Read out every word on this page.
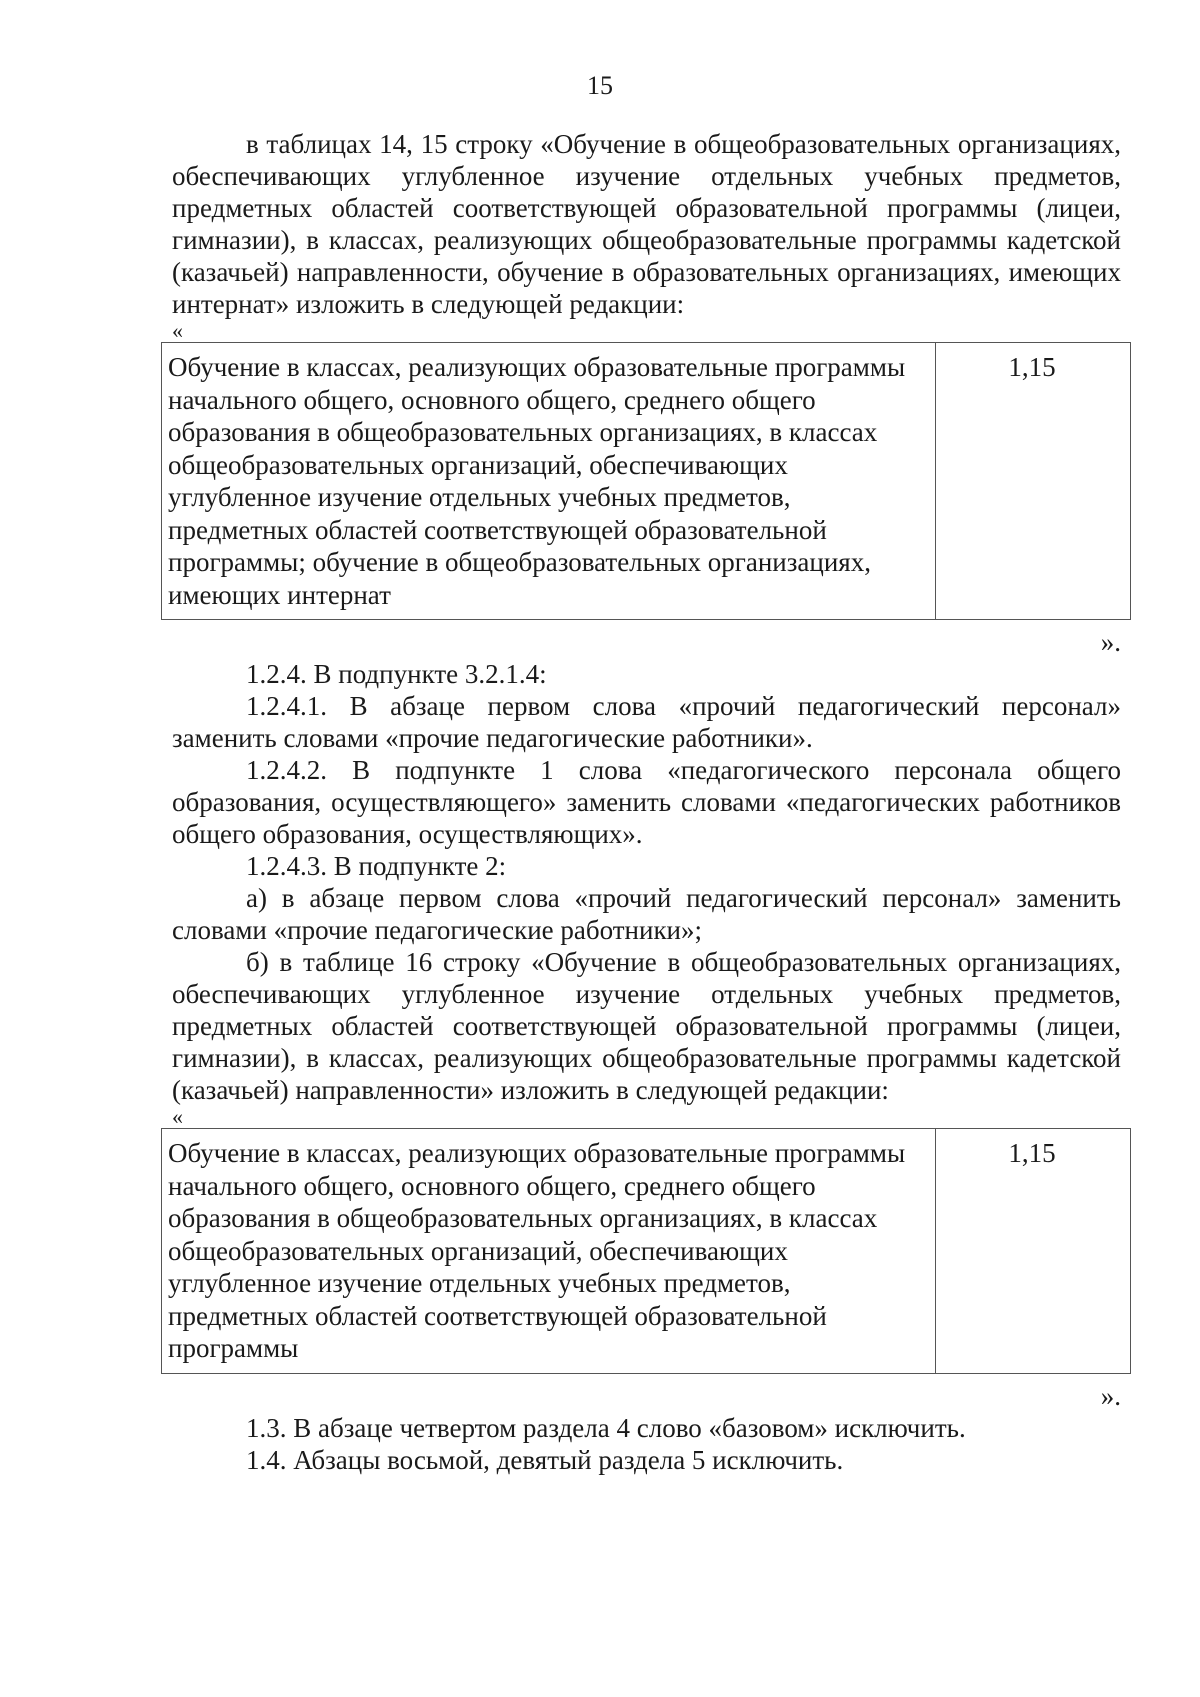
15

в таблицах 14, 15 строку «Обучение в общеобразовательных организациях, обеспечивающих углубленное изучение отдельных учебных предметов, предметных областей соответствующей образовательной программы (лицеи, гимназии), в классах, реализующих общеобразовательные программы кадетской (казачьей) направленности, обучение в образовательных организациях, имеющих интернат» изложить в следующей редакции:

«

Обучение в классах, реализующих образовательные программы начального общего, основного общего, среднего общего образования в общеобразовательных организациях, в классах общеобразовательных организаций, обеспечивающих углубленное изучение отдельных учебных предметов, предметных областей соответствующей образовательной программы; обучение в общеобразовательных организациях, имеющих интернат	1,15

».

1.2.4. В подпункте 3.2.1.4:

1.2.4.1. В абзаце первом слова «прочий педагогический персонал» заменить словами «прочие педагогические работники».

1.2.4.2. В подпункте 1 слова «педагогического персонала общего образования, осуществляющего» заменить словами «педагогических работников общего образования, осуществляющих».

1.2.4.3. В подпункте 2:

а) в абзаце первом слова «прочий педагогический персонал» заменить словами «прочие педагогические работники»;

б) в таблице 16 строку «Обучение в общеобразовательных организациях, обеспечивающих углубленное изучение отдельных учебных предметов, предметных областей соответствующей образовательной программы (лицеи, гимназии), в классах, реализующих общеобразовательные программы кадетской (казачьей) направленности» изложить в следующей редакции:

«

Обучение в классах, реализующих образовательные программы начального общего, основного общего, среднего общего образования в общеобразовательных организациях, в классах общеобразовательных организаций, обеспечивающих углубленное изучение отдельных учебных предметов, предметных областей соответствующей образовательной программы	1,15

».

1.3. В абзаце четвертом раздела 4 слово «базовом» исключить.

1.4. Абзацы восьмой, девятый раздела 5 исключить.
